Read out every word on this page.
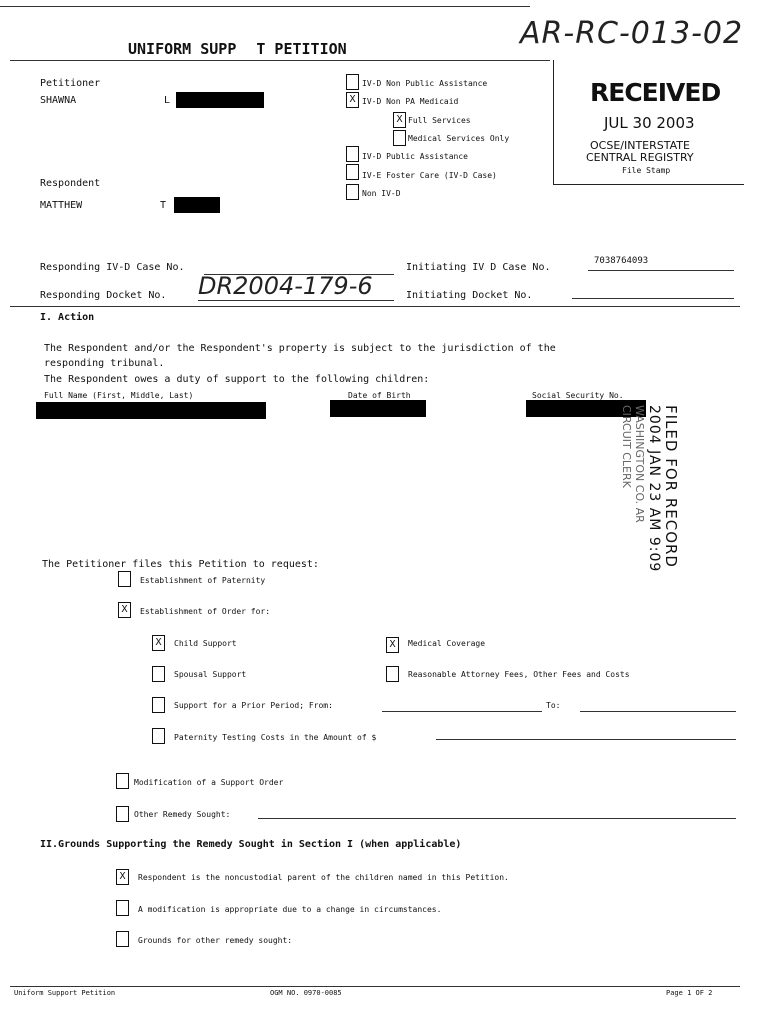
UNIFORM SUPP T PETITION	AR-RC-013-02
RECEIVED
JUL 30 2003
OCSE/INTERSTATE
CENTRAL REGISTRY
File Stamp
Petitioner
SHAWNA	L
Respondent
MATTHEW	T
IV-D Non Public Assistance
X IV-D Non PA Medicaid
X Full Services
Medical Services Only
IV-D Public Assistance
IV-E Foster Care (IV-D Case)
Non IV-D
Responding IV-D Case No.	Initiating IV D Case No.
7038764093
Responding Docket No. DR2004-179-6	Initiating Docket No.
I. Action
The Respondent and/or the Respondent's property is subject to the jurisdiction of the
responding tribunal.
The Respondent owes a duty of support to the following children:
Full Name (First, Middle, Last)	Date of Birth	Social Security No.
FILED FOR RECORD
2004 JAN 23 AM 9:09
WASHINGTON CO. AR
CIRCUIT CLERK
The Petitioner files this Petition to request:
Establishment of Paternity
X	Establishment of Order for:
X	Child Support	X	Medical Coverage
Spousal Support	Reasonable Attorney Fees, Other Fees and Costs
Support for a Prior Period; From:	To:
Paternity Testing Costs in the Amount of $
Modification of a Support Order
Other Remedy Sought:
II.Grounds Supporting the Remedy Sought in Section I (when applicable)
X	Respondent is the noncustodial parent of the children named in this Petition.
A modification is appropriate due to a change in circumstances.
Grounds for other remedy sought:
Uniform Support Petition	OGM NO. 0970-0085	Page 1 OF 2
